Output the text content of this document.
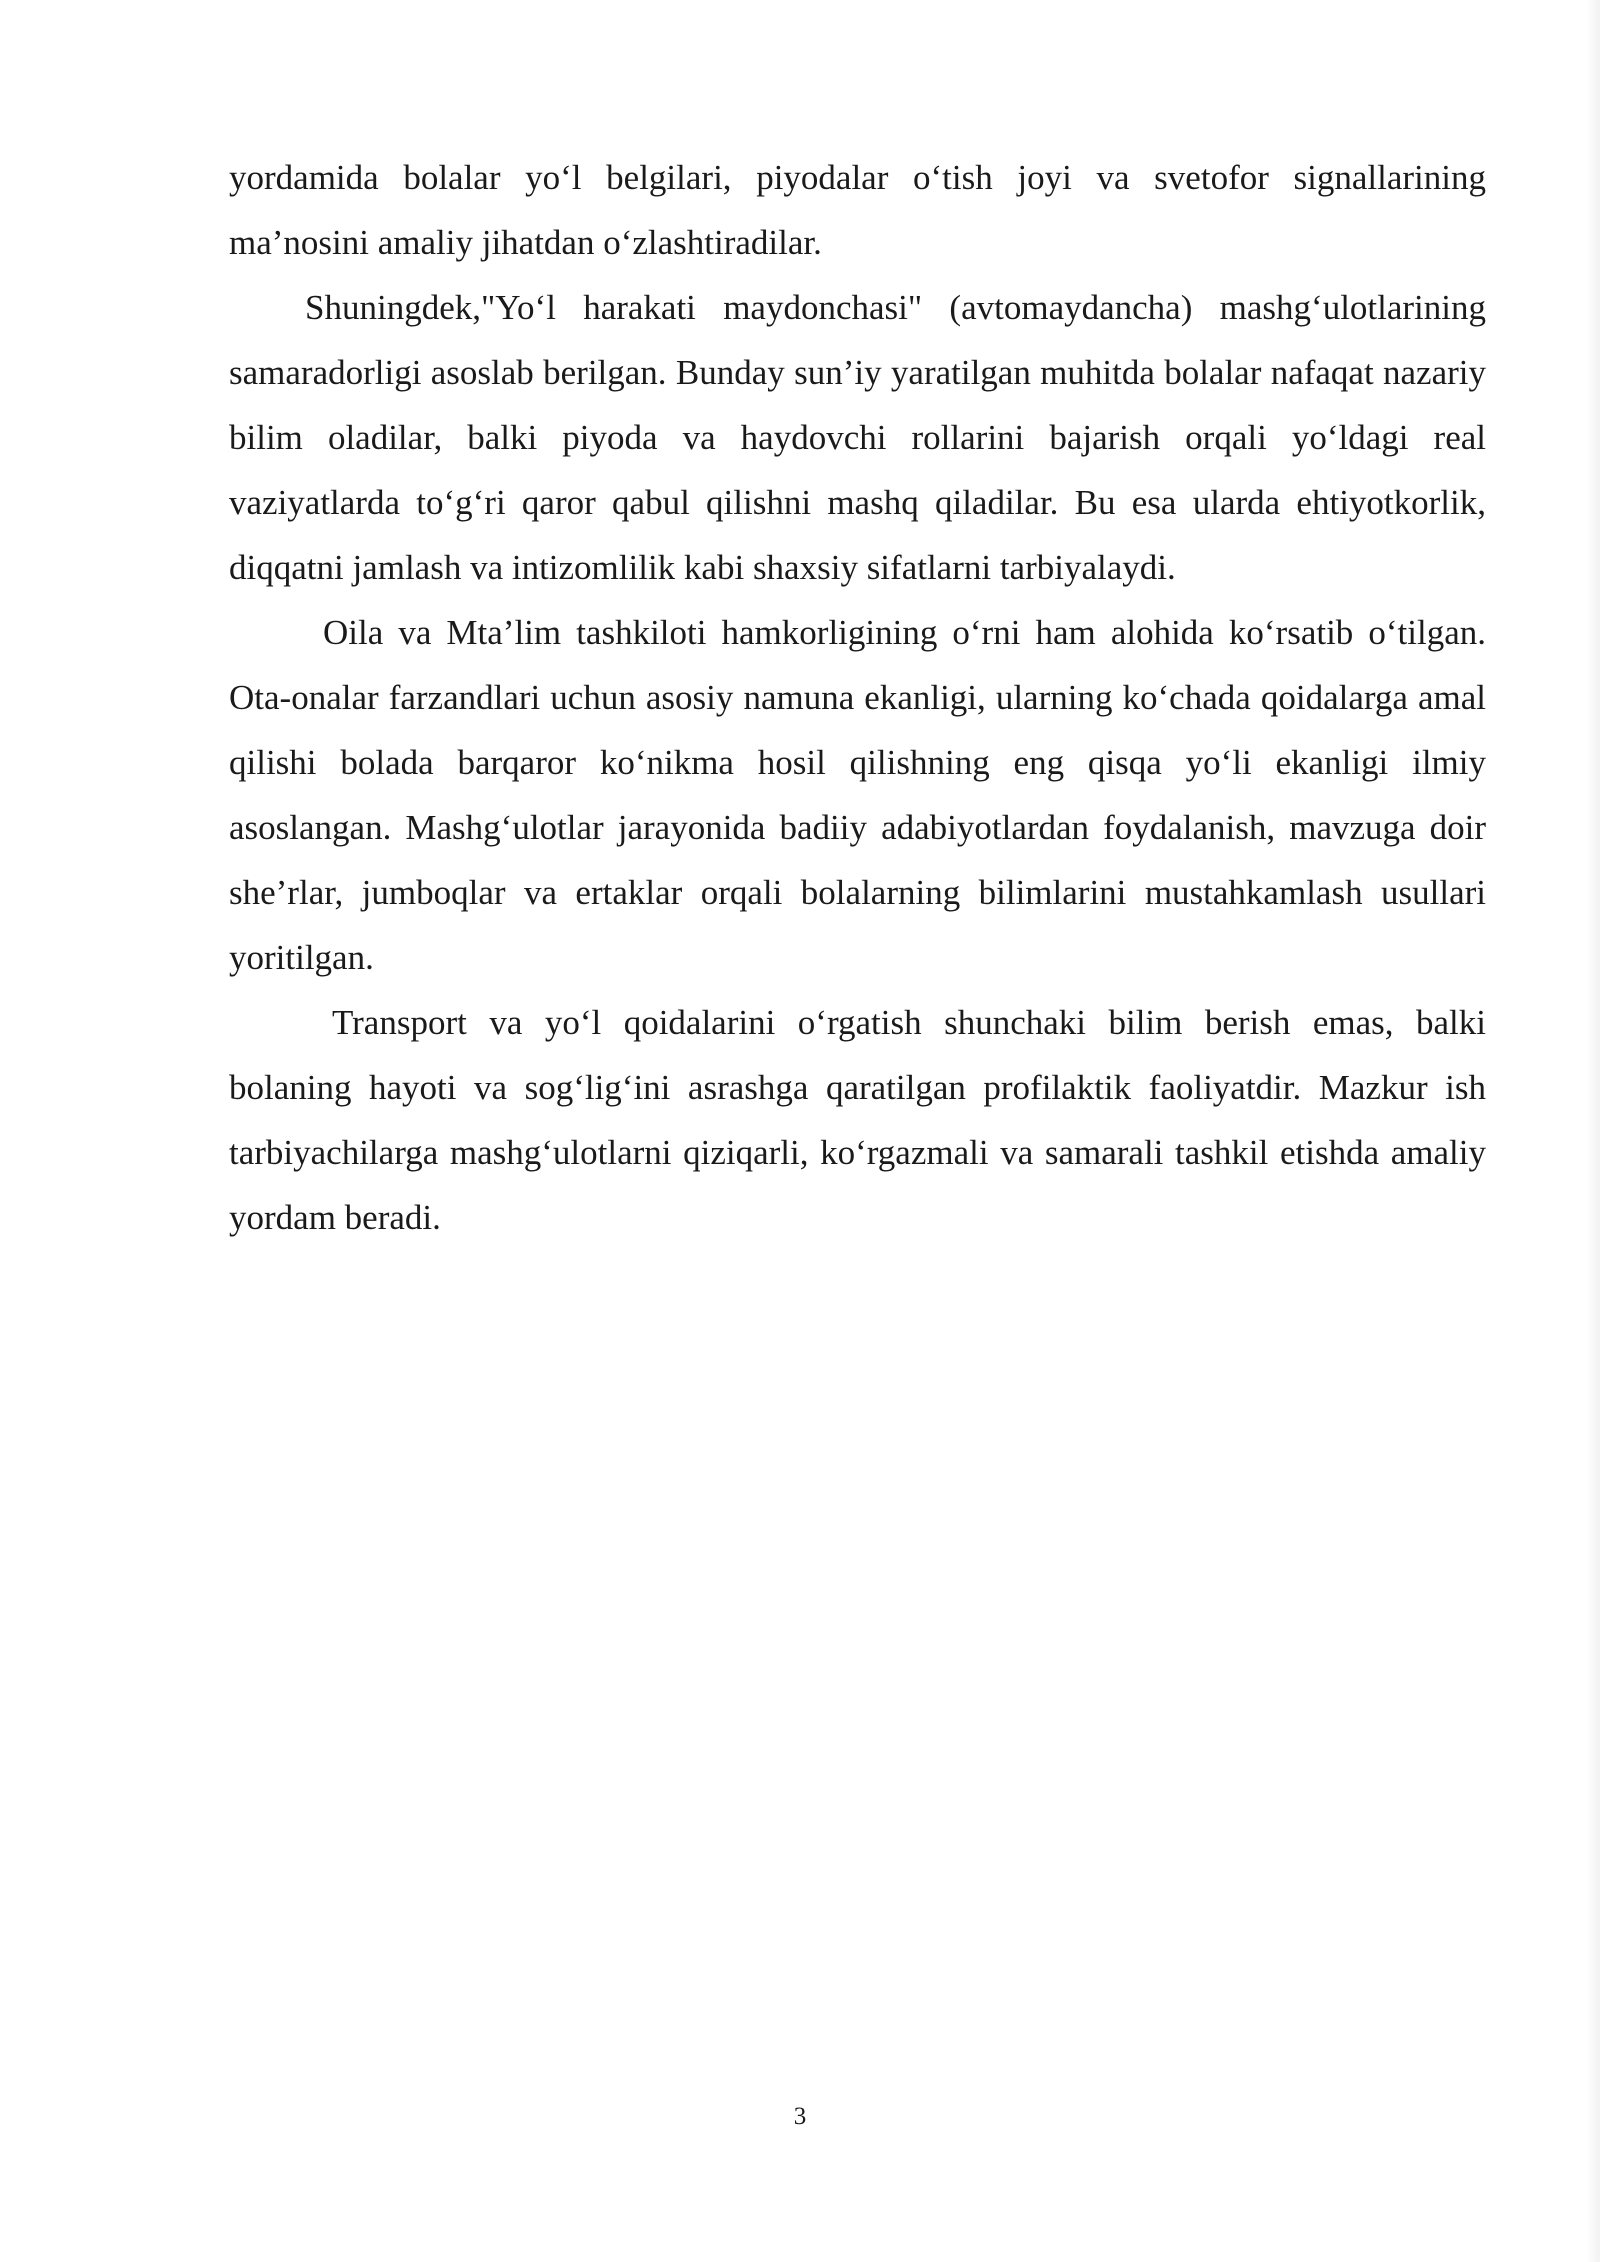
yordamida bolalar yo‘l belgilari, piyodalar o‘tish joyi va svetofor signallarining ma’nosini amaliy jihatdan o‘zlashtiradilar.

Shuningdek,"Yo‘l harakati maydonchasi" (avtomaydancha) mashg‘ulotlarining samaradorligi asoslab berilgan. Bunday sun’iy yaratilgan muhitda bolalar nafaqat nazariy bilim oladilar, balki piyoda va haydovchi rollarini bajarish orqali yo‘ldagi real vaziyatlarda to‘g‘ri qaror qabul qilishni mashq qiladilar. Bu esa ularda ehtiyotkorlik, diqqatni jamlash va intizomlilik kabi shaxsiy sifatlarni tarbiyalaydi.

Oila va Mta’lim tashkiloti hamkorligining o‘rni ham alohida ko‘rsatib o‘tilgan. Ota-onalar farzandlari uchun asosiy namuna ekanligi, ularning ko‘chada qoidalarga amal qilishi bolada barqaror ko‘nikma hosil qilishning eng qisqa yo‘li ekanligi ilmiy asoslangan. Mashg‘ulotlar jarayonida badiiy adabiyotlardan foydalanish, mavzuga doir she’rlar, jumboqlar va ertaklar orqali bolalarning bilimlarini mustahkamlash usullari yoritilgan.

Transport va yo‘l qoidalarini o‘rgatish shunchaki bilim berish emas, balki bolaning hayoti va sog‘lig‘ini asrashga qaratilgan profilaktik faoliyatdir. Mazkur ish tarbiyachilarga mashg‘ulotlarni qiziqarli, ko‘rgazmali va samarali tashkil etishda amaliy yordam beradi.

3
